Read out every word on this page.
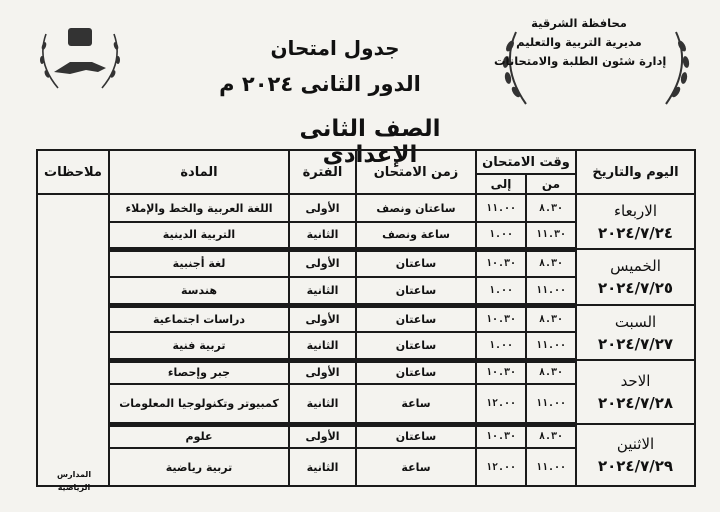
محافظة الشرقية
مديرية التربية والتعليم
إدارة شئون الطلبة والامتحانات
جدول امتحان
الدور الثانى ٢٠٢٤ م
الصف الثانى الإعدادى
اليوم والتاريخ	وقت الامتحان		زمن الامتحان	الفترة	المادة	ملاحظات
	من	إلى				

الاربعاء
٢٠٢٤/٧/٢٤	٨.٣٠	١١.٠٠	ساعتان ونصف	الأولى	اللغة العربية والخط والإملاء	
	١١.٣٠	١.٠٠	ساعة ونصف	الثانية	التربية الدينية	

الخميس
٢٠٢٤/٧/٢٥	٨.٣٠	١٠.٣٠	ساعتان	الأولى	لغة أجنبية	
	١١.٠٠	١.٠٠	ساعتان	الثانية	هندسة	

السبت
٢٠٢٤/٧/٢٧	٨.٣٠	١٠.٣٠	ساعتان	الأولى	دراسات اجتماعية	
	١١.٠٠	١.٠٠	ساعتان	الثانية	تربية فنية	

الاحد
٢٠٢٤/٧/٢٨	٨.٣٠	١٠.٣٠	ساعتان	الأولى	جبر وإحصاء	
	١١.٠٠	١٢.٠٠	ساعة	الثانية	كمبيوتر وتكنولوجيا المعلومات	

الاثنين
٢٠٢٤/٧/٢٩	٨.٣٠	١٠.٣٠	ساعتان	الأولى	علوم	
	١١.٠٠	١٢.٠٠	ساعة	الثانية	تربية رياضية	
المدارس الرياضية
